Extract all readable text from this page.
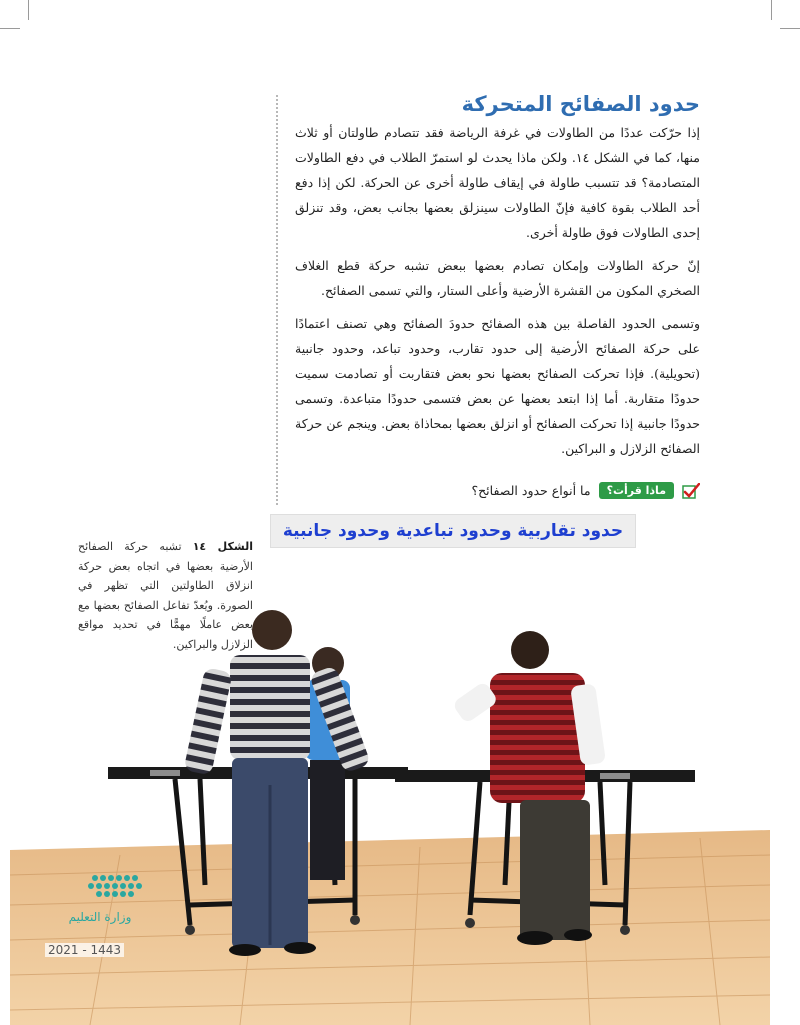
حدود الصفائح المتحركة
إذا حرّكت عددًا من الطاولات في غرفة الرياضة فقد تتصادم طاولتان أو ثلاث منها، كما في الشكل ١٤. ولكن ماذا يحدث لو استمرّ الطلاب في دفع الطاولات المتصادمة؟ قد تتسبب طاولة في إيقاف طاولة أخرى عن الحركة. لكن إذا دفع أحد الطلاب بقوة كافية فإنّ الطاولات سينزلق بعضها بجانب بعض، وقد تنزلق إحدى الطاولات فوق طاولة أخرى.
إنّ حركة الطاولات وإمكان تصادم بعضها ببعض تشبه حركة قطع الغلاف الصخري المكون من القشرة الأرضية وأعلى الستار، والتي تسمى الصفائح.
وتسمى الحدود الفاصلة بين هذه الصفائح حدودَ الصفائح وهي تصنف اعتمادًا على حركة الصفائح الأرضية إلى حدود تقارب، وحدود تباعد، وحدود جانبية (تحويلية). فإذا تحركت الصفائح بعضها نحو بعض فتقاربت أو تصادمت سميت حدودًا متقاربة. أما إذا ابتعد بعضها عن بعض فتسمى حدودًا متباعدة. وتسمى حدودًا جانبية إذا تحركت الصفائح أو انزلق بعضها بمحاذاة بعض. وينجم عن حركة الصفائح الزلازل و البراكين.
ماذا قرأت؟
ما أنواع حدود الصفائح؟
حدود تقاربية وحدود تباعدية وحدود جانبية
الشكل ١٤ تشبه حركة الصفائح الأرضية بعضها في اتجاه بعض حركة انزلاق الطاولتين التي تظهر في الصورة. ويُعدّ تفاعل الصفائح بعضها مع بعض عاملًا مهمًّا في تحديد مواقع الزلازل والبراكين.
وزارة التعليم
2021 - 1443
